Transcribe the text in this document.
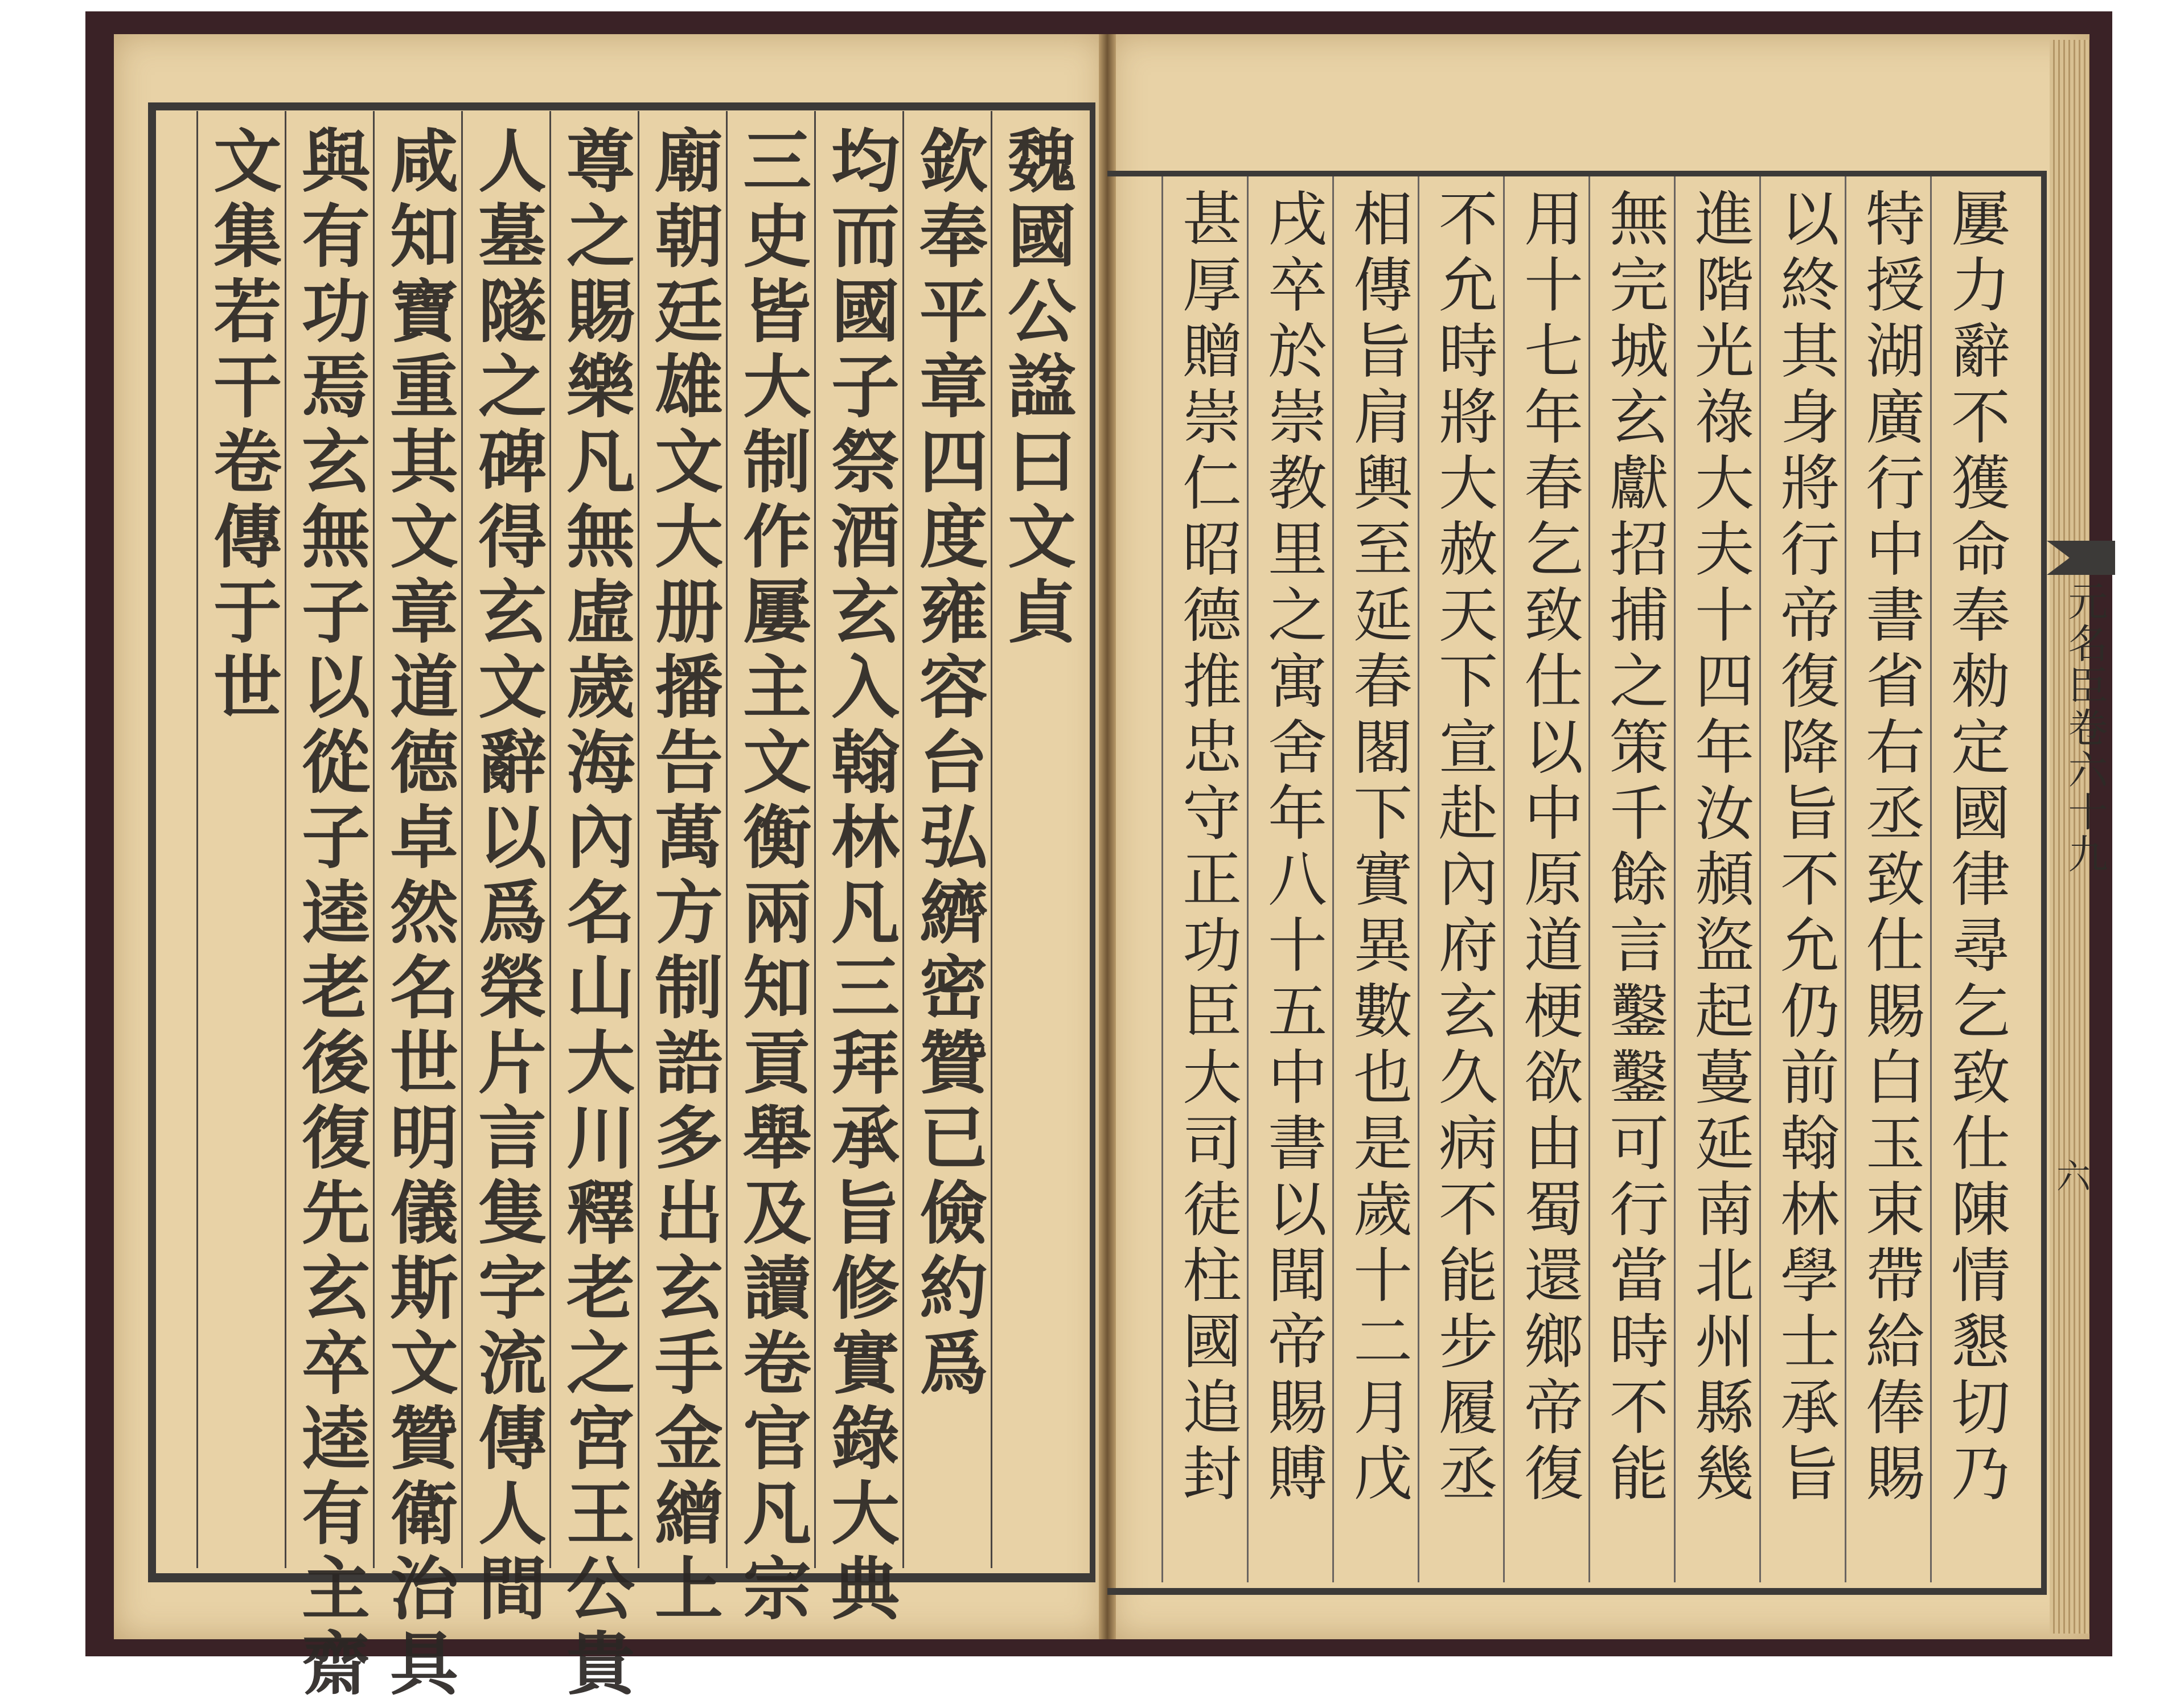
屢力辭不獲命奉勑定國律尋乞致仕陳情懇切乃
特授湖廣行中書省右丞致仕賜白玉束帶給俸賜
以終其身將行帝復降旨不允仍前翰林學士承旨
進階光祿大夫十四年汝頳盜起蔓延南北州縣幾
無完城玄獻招捕之策千餘言鑿鑿可行當時不能
用十七年春乞致仕以中原道梗欲由蜀還鄉帝復
不允時將大赦天下宣赴內府玄久病不能步履丞
相傳旨肩輿至延春閣下實異數也是歲十二月戊
戌卒於崇教里之寓舍年八十五中書以聞帝賜賻
甚厚贈崇仁昭德推忠守正功臣大司徒柱國追封
魏國公諡曰文貞
欽奉平章四度雍容台弘纃密贊已儉約爲
均而國子祭酒玄入翰林凡三拜承旨修實錄大典
三史皆大制作屢主文衡兩知貢舉及讀卷官凡宗
廟朝廷雄文大册播告萬方制誥多出玄手金繒上
尊之賜樂凡無虛歲海內名山大川釋老之宮王公貴
人墓隧之碑得玄文辭以爲榮片言隻字流傳人間
咸知寶重其文章道德卓然名世明儀斯文贊衛治具
與有功焉玄無子以從子逵老後復先玄卒逵有主齋
文集若干卷傳于世
元名臣卷六十九
六
